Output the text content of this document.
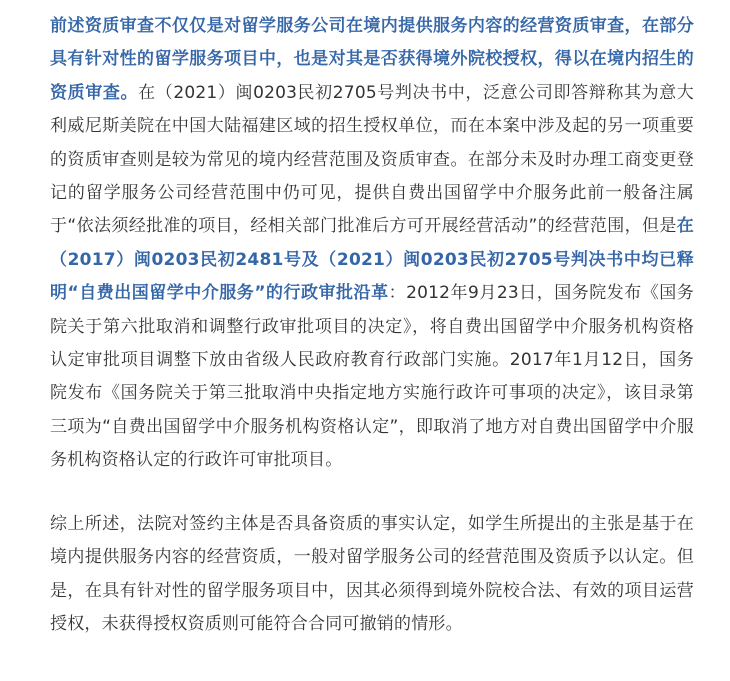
前述资质审查不仅仅是对留学服务公司在境内提供服务内容的经营资质审查，在部分具有针对性的留学服务项目中，也是对其是否获得境外院校授权，得以在境内招生的资质审查。在（2021）闽0203民初2705号判决书中，泛意公司即答辩称其为意大利威尼斯美院在中国大陆福建区域的招生授权单位，而在本案中涉及起的另一项重要的资质审查则是较为常见的境内经营范围及资质审查。在部分未及时办理工商变更登记的留学服务公司经营范围中仍可见，提供自费出国留学中介服务此前一般备注属于“依法须经批准的项目，经相关部门批准后方可开展经营活动”的经营范围，但是在（2017）闽0203民初2481号及（2021）闽0203民初2705号判决书中均已释明“自费出国留学中介服务”的行政审批沿革：2012年9月23日，国务院发布《国务院关于第六批取消和调整行政审批项目的决定》，将自费出国留学中介服务机构资格认定审批项目调整下放由省级人民政府教育行政部门实施。2017年1月12日，国务院发布《国务院关于第三批取消中央指定地方实施行政许可事项的决定》，该目录第三项为“自费出国留学中介服务机构资格认定”，即取消了地方对自费出国留学中介服务机构资格认定的行政许可审批项目。

综上所述，法院对签约主体是否具备资质的事实认定，如学生所提出的主张是基于在境内提供服务内容的经营资质，一般对留学服务公司的经营范围及资质予以认定。但是，在具有针对性的留学服务项目中，因其必须得到境外院校合法、有效的项目运营授权，未获得授权资质则可能符合合同可撤销的情形。
